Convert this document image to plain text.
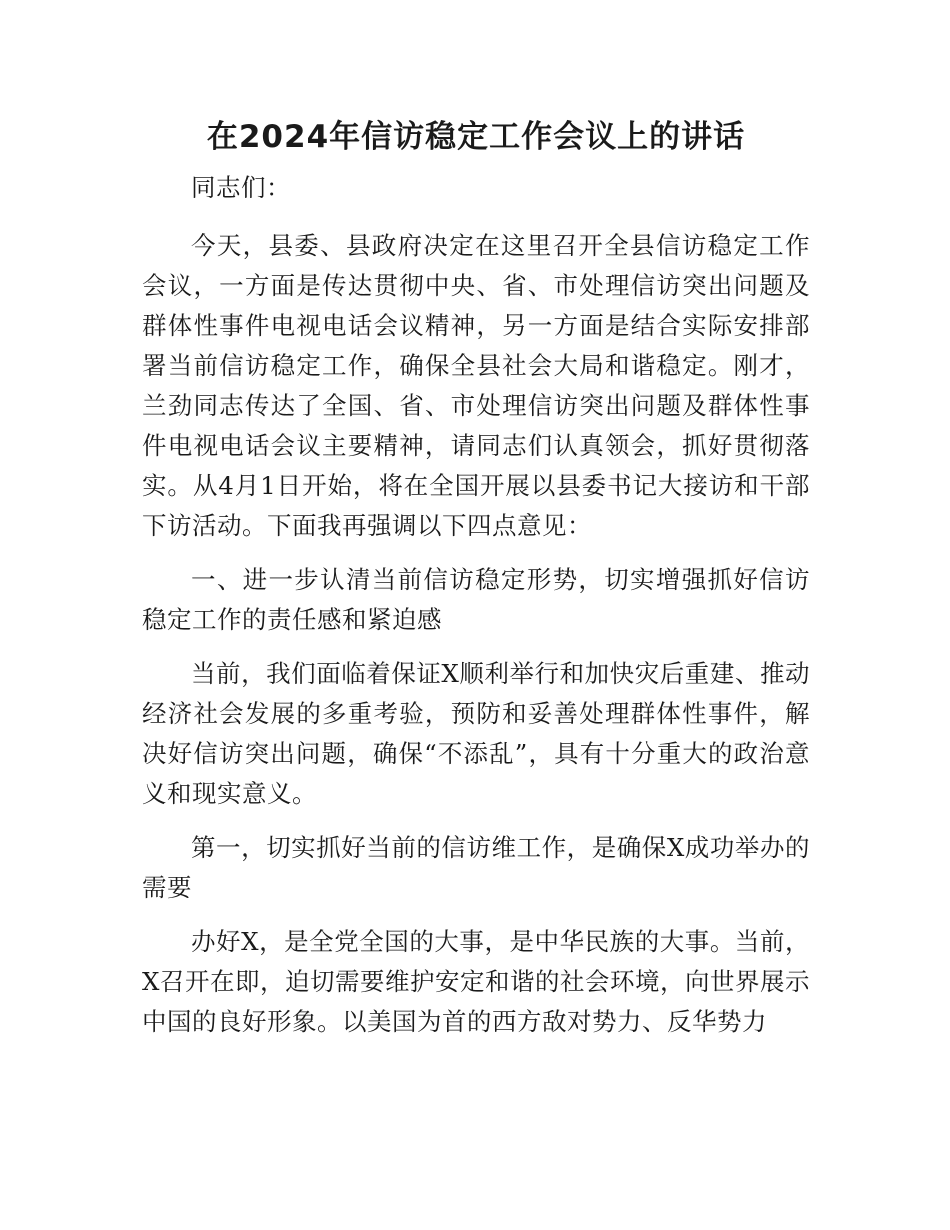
在2024年信访稳定工作会议上的讲话

同志们：

今天，县委、县政府决定在这里召开全县信访稳定工作会议，一方面是传达贯彻中央、省、市处理信访突出问题及群体性事件电视电话会议精神，另一方面是结合实际安排部署当前信访稳定工作，确保全县社会大局和谐稳定。刚才，兰劲同志传达了全国、省、市处理信访突出问题及群体性事件电视电话会议主要精神，请同志们认真领会，抓好贯彻落实。从4月1日开始，将在全国开展以县委书记大接访和干部下访活动。下面我再强调以下四点意见：

一、进一步认清当前信访稳定形势，切实增强抓好信访稳定工作的责任感和紧迫感

当前，我们面临着保证X顺利举行和加快灾后重建、推动经济社会发展的多重考验，预防和妥善处理群体性事件，解决好信访突出问题，确保“不添乱”，具有十分重大的政治意义和现实意义。

第一，切实抓好当前的信访维工作，是确保X成功举办的需要

办好X，是全党全国的大事，是中华民族的大事。当前，X召开在即，迫切需要维护安定和谐的社会环境，向世界展示中国的良好形象。以美国为首的西方敌对势力、反华势力
